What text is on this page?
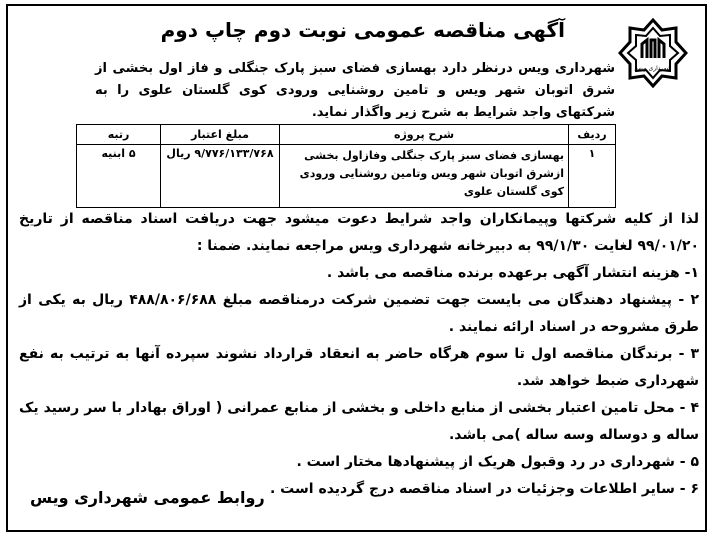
شهرداری ویس
آگهی مناقصه عمومی نوبت دوم چاپ دوم
شهرداری ویس درنظر دارد بهسازی فضای سبز پارک جنگلی و فاز اول بخشی از شرق اتوبان شهر ویس و تامین روشنایی ورودی کوی گلستان علوی را به شرکتهای واجد شرایط به شرح زیر واگذار نماید.
ردیف	شرح پروژه	مبلغ اعتبار	رتبه
۱	بهسازی فضای سبز پارک جنگلی وفازاول بخشی ازشرق اتوبان شهر ویس وتامین روشنایی ورودی کوی گلستان علوی	۹/۷۷۶/۱۳۳/۷۶۸ ریال	۵ ابنیه

لذا از کلیه شرکتها وپیمانکاران واجد شرایط دعوت میشود جهت دریافت اسناد مناقصه از تاریخ ۹۹/۰۱/۲۰ لغایت ۹۹/۱/۳۰ به دبیرخانه شهرداری ویس مراجعه نمایند. ضمنا :

۱- هزینه انتشار آگهی برعهده برنده مناقصه می باشد .

۲ - پیشنهاد دهندگان می بایست جهت تضمین شرکت درمناقصه مبلغ ۴۸۸/۸۰۶/۶۸۸ ریال به یکی از طرق مشروحه در اسناد ارائه نمایند .

۳ - برندگان مناقصه اول تا سوم هرگاه حاضر به انعقاد قرارداد نشوند سپرده آنها به ترتیب به نفع شهرداری ضبط خواهد شد.

۴ - محل تامین اعتبار بخشی از منابع داخلی و بخشی از منابع عمرانی ( اوراق بهادار با سر رسید یک ساله و دوساله وسه ساله )می باشد.

۵ - شهرداری در رد وقبول هریک از پیشنهادها مختار است .

۶ - سایر اطلاعات وجزئیات در اسناد مناقصه درج گردیده است .

روابط عمومی شهرداری ویس
